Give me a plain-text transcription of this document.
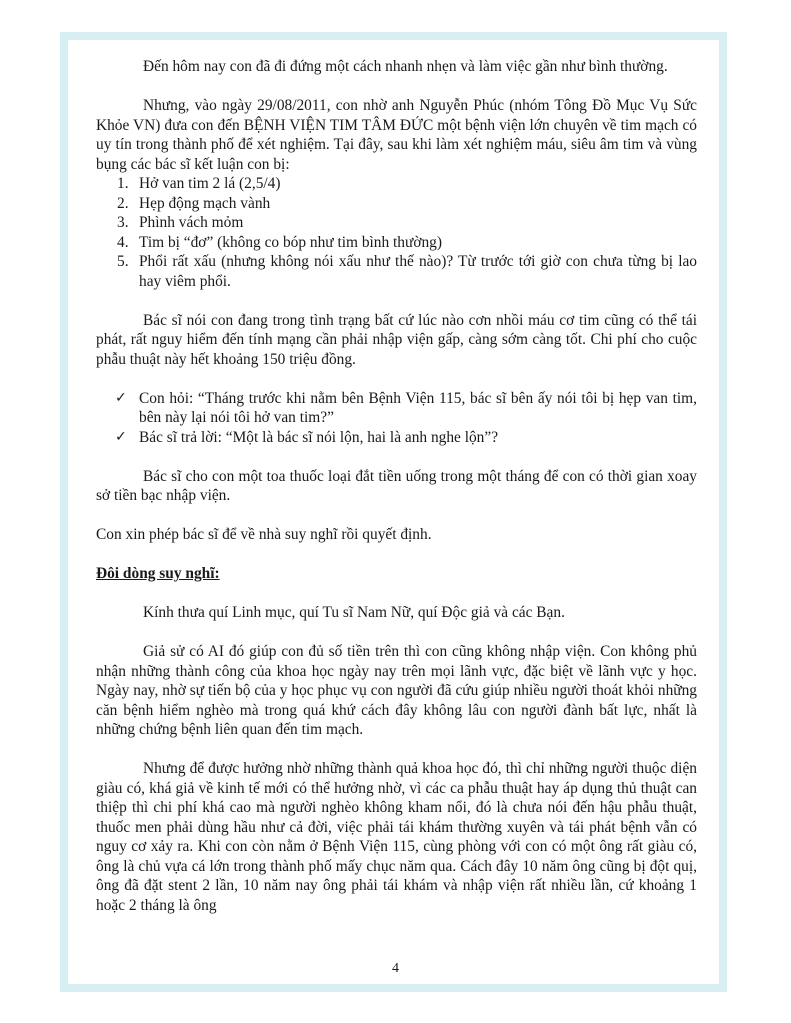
Đến hôm nay con đã đi đứng một cách nhanh nhẹn và làm việc gần như bình thường.

Nhưng, vào ngày 29/08/2011, con nhờ anh Nguyễn Phúc (nhóm Tông Đồ Mục Vụ Sức Khỏe VN) đưa con đến BỆNH VIỆN TIM TÂM ĐỨC một bệnh viện lớn chuyên về tim mạch có uy tín trong thành phố để xét nghiệm. Tại đây, sau khi làm xét nghiệm máu, siêu âm tim và vùng bụng các bác sĩ kết luận con bị:

1. Hở van tim 2 lá (2,5/4)
2. Hẹp động mạch vành
3. Phình vách mỏm
4. Tim bị “đơ” (không co bóp như tim bình thường)
5. Phổi rất xấu (nhưng không nói xấu như thế nào)? Từ trước tới giờ con chưa từng bị lao hay viêm phổi.

Bác sĩ nói con đang trong tình trạng bất cứ lúc nào cơn nhồi máu cơ tim cũng có thể tái phát, rất nguy hiểm đến tính mạng cần phải nhập viện gấp, càng sớm càng tốt. Chi phí cho cuộc phẫu thuật này hết khoảng 150 triệu đồng.

✓ Con hỏi: “Tháng trước khi nằm bên Bệnh Viện 115, bác sĩ bên ấy nói tôi bị hẹp van tim, bên này lại nói tôi hở van tim?”
✓ Bác sĩ trả lời: “Một là bác sĩ nói lộn, hai là anh nghe lộn”?

Bác sĩ cho con một toa thuốc loại đắt tiền uống trong một tháng để con có thời gian xoay sở tiền bạc nhập viện.

Con xin phép bác sĩ để về nhà suy nghĩ rồi quyết định.

Đôi dòng suy nghĩ:

Kính thưa quí Linh mục, quí Tu sĩ Nam Nữ, quí Độc giả và các Bạn.

Giả sử có AI đó giúp con đủ số tiền trên thì con cũng không nhập viện. Con không phủ nhận những thành công của khoa học ngày nay trên mọi lãnh vực, đặc biệt về lãnh vực y học. Ngày nay, nhờ sự tiến bộ của y học phục vụ con người đã cứu giúp nhiều người thoát khỏi những căn bệnh hiểm nghèo mà trong quá khứ cách đây không lâu con người đành bất lực, nhất là những chứng bệnh liên quan đến tim mạch.

Nhưng để được hưởng nhờ những thành quả khoa học đó, thì chỉ những người thuộc diện giàu có, khá giả về kinh tế mới có thể hưởng nhờ, vì các ca phẫu thuật hay áp dụng thủ thuật can thiệp thì chi phí khá cao mà người nghèo không kham nổi, đó là chưa nói đến hậu phẫu thuật, thuốc men phải dùng hầu như cả đời, việc phải tái khám thường xuyên và tái phát bệnh vẫn có nguy cơ xảy ra. Khi con còn nằm ở Bệnh Viện 115, cùng phòng với con có một ông rất giàu có, ông là chủ vựa cá lớn trong thành phố mấy chục năm qua. Cách đây 10 năm ông cũng bị đột quị, ông đã đặt stent 2 lần, 10 năm nay ông phải tái khám và nhập viện rất nhiều lần, cứ khoảng 1 hoặc 2 tháng là ông

4
